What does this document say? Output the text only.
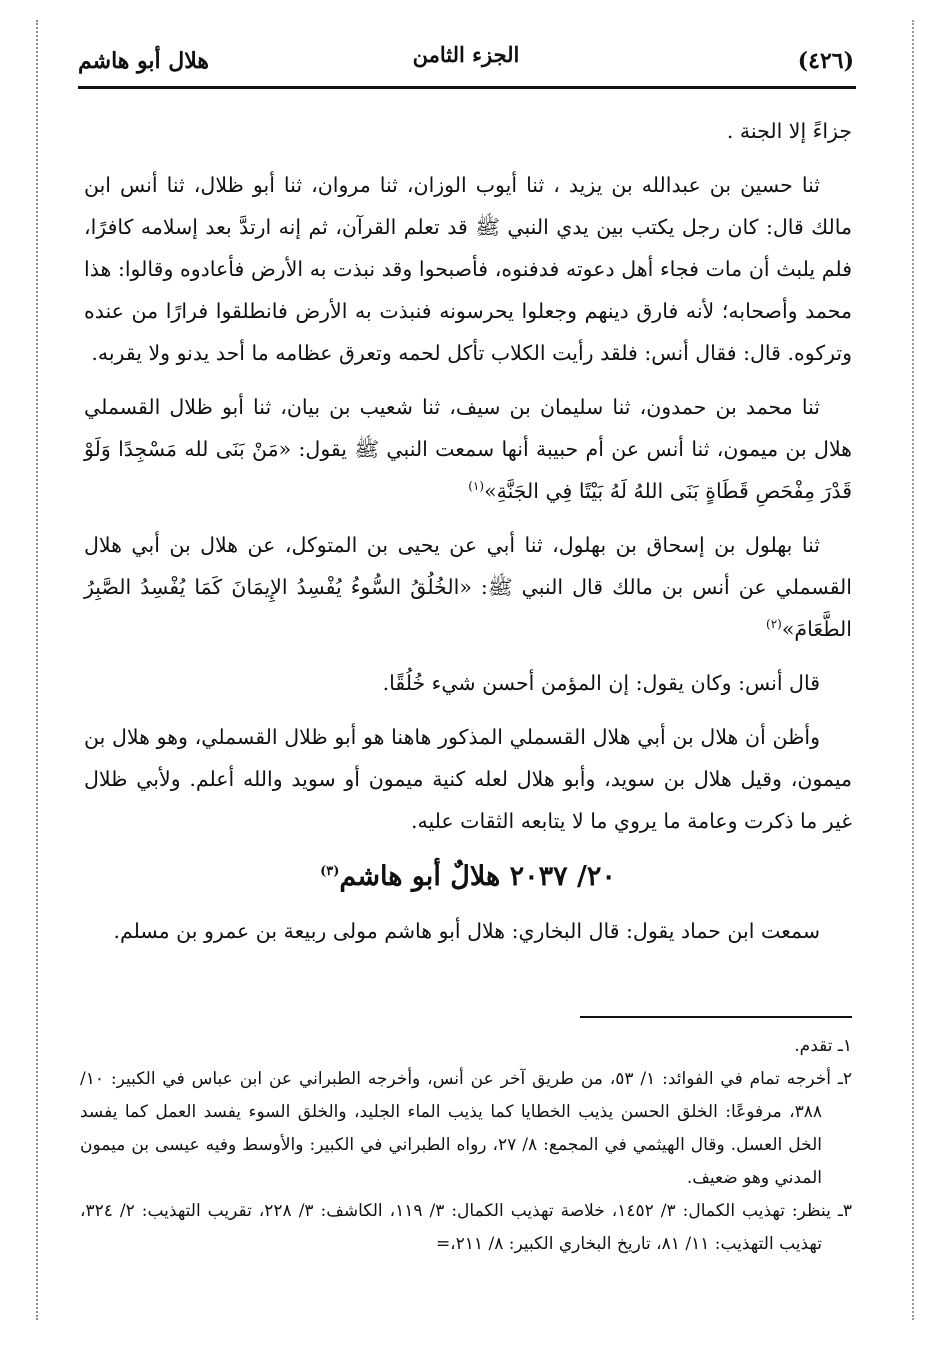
(٤٢٦)
الجزء الثامن
هلال أبو هاشم

جزاءً إلا الجنة .

ثنا حسين بن عبدالله بن يزيد ، ثنا أيوب الوزان، ثنا مروان، ثنا أبو ظلال، ثنا أنس ابن مالك قال: كان رجل يكتب بين يدي النبي ﷺ قد تعلم القرآن، ثم إنه ارتدَّ بعد إسلامه كافرًا، فلم يلبث أن مات فجاء أهل دعوته فدفنوه، فأصبحوا وقد نبذت به الأرض فأعادوه وقالوا: هذا محمد وأصحابه؛ لأنه فارق دينهم وجعلوا يحرسونه فنبذت به الأرض فانطلقوا فرارًا من عنده وتركوه. قال: فقال أنس: فلقد رأيت الكلاب تأكل لحمه وتعرق عظامه ما أحد يدنو ولا يقربه.

ثنا محمد بن حمدون، ثنا سليمان بن سيف، ثنا شعيب بن بيان، ثنا أبو ظلال القسملي هلال بن ميمون، ثنا أنس عن أم حبيبة أنها سمعت النبي ﷺ يقول: «مَنْ بَنَى لله مَسْجِدًا وَلَوْ قَدْرَ مِفْحَصِ قَطَاةٍ بَنَى اللهُ لَهُ بَيْتًا فِي الجَنَّةِ»$^{(١)}$

ثنا بهلول بن إسحاق بن بهلول، ثنا أبي عن يحيى بن المتوكل، عن هلال بن أبي هلال القسملي عن أنس بن مالك قال النبي ﷺ: «الخُلُقُ السُّوءُ يُفْسِدُ الإِيمَانَ كَمَا يُفْسِدُ الصَّبِرُ الطَّعَامَ»$^{(٢)}$

قال أنس: وكان يقول: إن المؤمن أحسن شيء خُلُقًا.

وأظن أن هلال بن أبي هلال القسملي المذكور هاهنا هو أبو ظلال القسملي، وهو هلال بن ميمون، وقيل هلال بن سويد، وأبو هلال لعله كنية ميمون أو سويد والله أعلم. ولأبي ظلال غير ما ذكرت وعامة ما يروي ما لا يتابعه الثقات عليه.

٢٠/ ٢٠٣٧ هلالٌ أبو هاشم$^{(٣)}$

سمعت ابن حماد يقول: قال البخاري: هلال أبو هاشم مولى ربيعة بن عمرو بن مسلم.

١ـ تقدم.

٢ـ أخرجه تمام في الفوائد: ١/ ٥٣، من طريق آخر عن أنس، وأخرجه الطبراني عن ابن عباس في الكبير: ١٠/ ٣٨٨، مرفوعًا: الخلق الحسن يذيب الخطايا كما يذيب الماء الجليد، والخلق السوء يفسد العمل كما يفسد الخل العسل. وقال الهيثمي في المجمع: ٨/ ٢٧، رواه الطبراني في الكبير: والأوسط وفيه عيسى بن ميمون المدني وهو ضعيف.

٣ـ ينظر: تهذيب الكمال: ٣/ ١٤٥٢، خلاصة تهذيب الكمال: ٣/ ١١٩، الكاشف: ٣/ ٢٢٨، تقريب التهذيب: ٢/ ٣٢٤، تهذيب التهذيب: ١١/ ٨١، تاريخ البخاري الكبير: ٨/ ٢١١،=
